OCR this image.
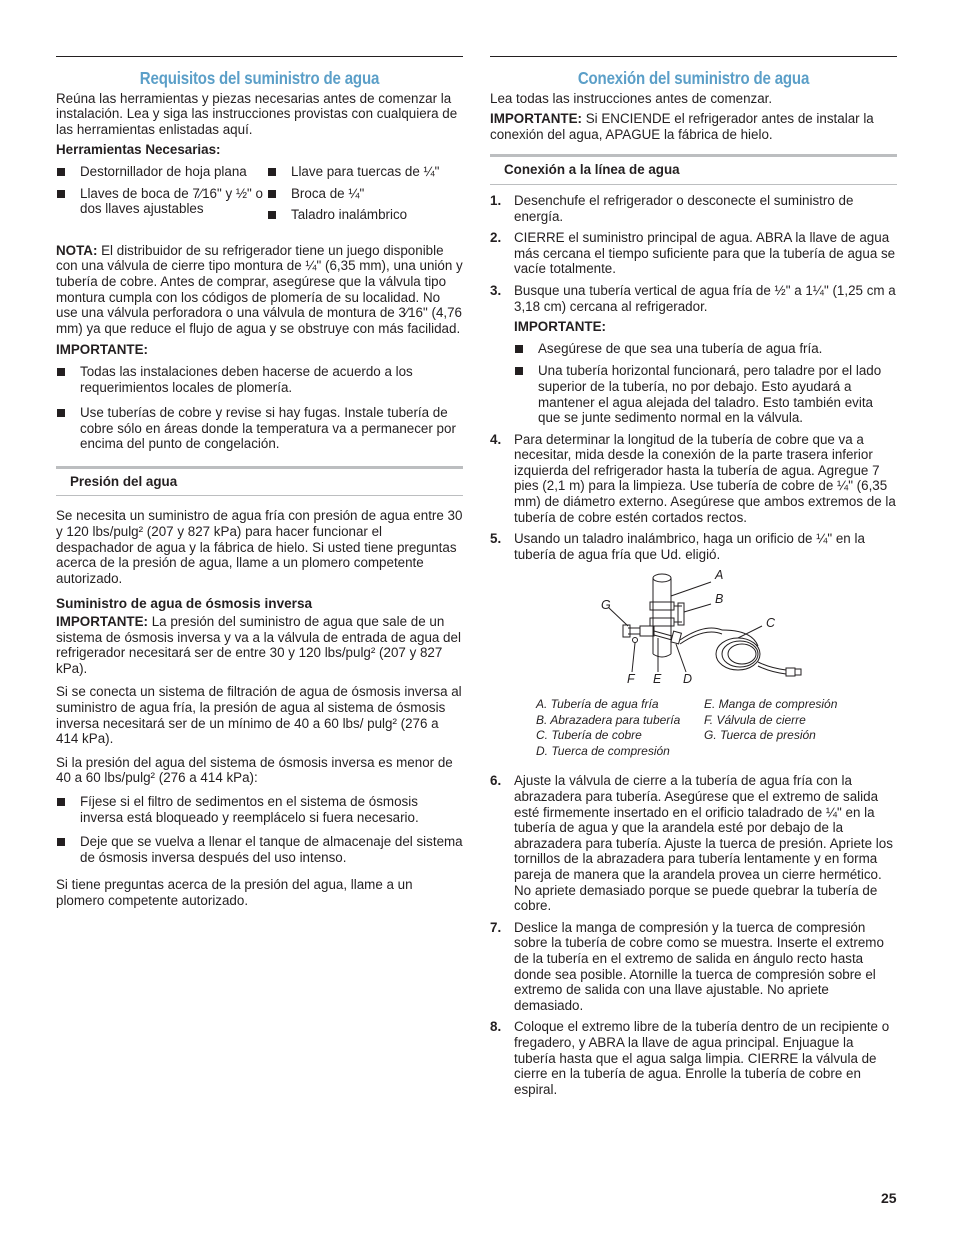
Requisitos del suministro de agua

Reúna las herramientas y piezas necesarias antes de comenzar la instalación. Lea y siga las instrucciones provistas con cualquiera de las herramientas enlistadas aquí.

Herramientas Necesarias:
Destornillador de hoja plana
Llaves de boca de 7⁄16" y ½" o dos llaves ajustables
Llave para tuercas de ¼"
Broca de ¼"
Taladro inalámbrico

NOTA: El distribuidor de su refrigerador tiene un juego disponible con una válvula de cierre tipo montura de ¼" (6,35 mm), una unión y tubería de cobre. Antes de comprar, asegúrese que la válvula tipo montura cumpla con los códigos de plomería de su localidad. No use una válvula perforadora o una válvula de montura de 3⁄16" (4,76 mm) ya que reduce el flujo de agua y se obstruye con más facilidad.

IMPORTANTE:
Todas las instalaciones deben hacerse de acuerdo a los requerimientos locales de plomería.
Use tuberías de cobre y revise si hay fugas. Instale tubería de cobre sólo en áreas donde la temperatura va a permanecer por encima del punto de congelación.
Presión del agua

Se necesita un suministro de agua fría con presión de agua entre 30 y 120 lbs/pulg² (207 y 827 kPa) para hacer funcionar el despachador de agua y la fábrica de hielo. Si usted tiene preguntas acerca de la presión de agua, llame a un plomero competente autorizado.

Suministro de agua de ósmosis inversa

IMPORTANTE: La presión del suministro de agua que sale de un sistema de ósmosis inversa y va a la válvula de entrada de agua del refrigerador necesitará ser de entre 30 y 120 lbs/pulg² (207 y 827 kPa).

Si se conecta un sistema de filtración de agua de ósmosis inversa al suministro de agua fría, la presión de agua al sistema de ósmosis inversa necesitará ser de un mínimo de 40 a 60 lbs/ pulg² (276 a 414 kPa).

Si la presión del agua del sistema de ósmosis inversa es menor de 40 a 60 lbs/pulg² (276 a 414 kPa):

Fíjese si el filtro de sedimentos en el sistema de ósmosis inversa está bloqueado y reemplácelo si fuera necesario.
Deje que se vuelva a llenar el tanque de almacenaje del sistema de ósmosis inversa después del uso intenso.

Si tiene preguntas acerca de la presión del agua, llame a un plomero competente autorizado.

Conexión del suministro de agua

Lea todas las instrucciones antes de comenzar.

IMPORTANTE: Si ENCIENDE el refrigerador antes de instalar la conexión del agua, APAGUE la fábrica de hielo.

Conexión a la línea de agua
1. Desenchufe el refrigerador o desconecte el suministro de energía.
2. CIERRE el suministro principal de agua. ABRA la llave de agua más cercana el tiempo suficiente para que la tubería de agua se vacíe totalmente.
3. Busque una tubería vertical de agua fría de ½" a 1¼" (1,25 cm a 3,18 cm) cercana al refrigerador.
IMPORTANTE:
Asegúrese de que sea una tubería de agua fría.
Una tubería horizontal funcionará, pero taladre por el lado superior de la tubería, no por debajo. Esto ayudará a mantener el agua alejada del taladro. Esto también evita que se junte sedimento normal en la válvula.
4. Para determinar la longitud de la tubería de cobre que va a necesitar, mida desde la conexión de la parte trasera inferior izquierda del refrigerador hasta la tubería de agua. Agregue 7 pies (2,1 m) para la limpieza. Use tubería de cobre de ¼" (6,35 mm) de diámetro externo. Asegúrese que ambos extremos de la tubería de cobre estén cortados rectos.
5. Usando un taladro inalámbrico, haga un orificio de ¼" en la tubería de agua fría que Ud. eligió.
A
B
C
D
E
F
G
A. Tubería de agua fría
B. Abrazadera para tubería
C. Tubería de cobre
D. Tuerca de compresión
E. Manga de compresión
F. Válvula de cierre
G. Tuerca de presión
6. Ajuste la válvula de cierre a la tubería de agua fría con la abrazadera para tubería. Asegúrese que el extremo de salida esté firmemente insertado en el orificio taladrado de ¼" en la tubería de agua y que la arandela esté por debajo de la abrazadera para tubería. Ajuste la tuerca de presión. Apriete los tornillos de la abrazadera para tubería lentamente y en forma pareja de manera que la arandela provea un cierre hermético. No apriete demasiado porque se puede quebrar la tubería de cobre.
7. Deslice la manga de compresión y la tuerca de compresión sobre la tubería de cobre como se muestra. Inserte el extremo de la tubería en el extremo de salida en ángulo recto hasta donde sea posible. Atornille la tuerca de compresión sobre el extremo de salida con una llave ajustable. No apriete demasiado.
8. Coloque el extremo libre de la tubería dentro de un recipiente o fregadero, y ABRA la llave de agua principal. Enjuague la tubería hasta que el agua salga limpia. CIERRE la válvula de cierre en la tubería de agua. Enrolle la tubería de cobre en espiral.
25
